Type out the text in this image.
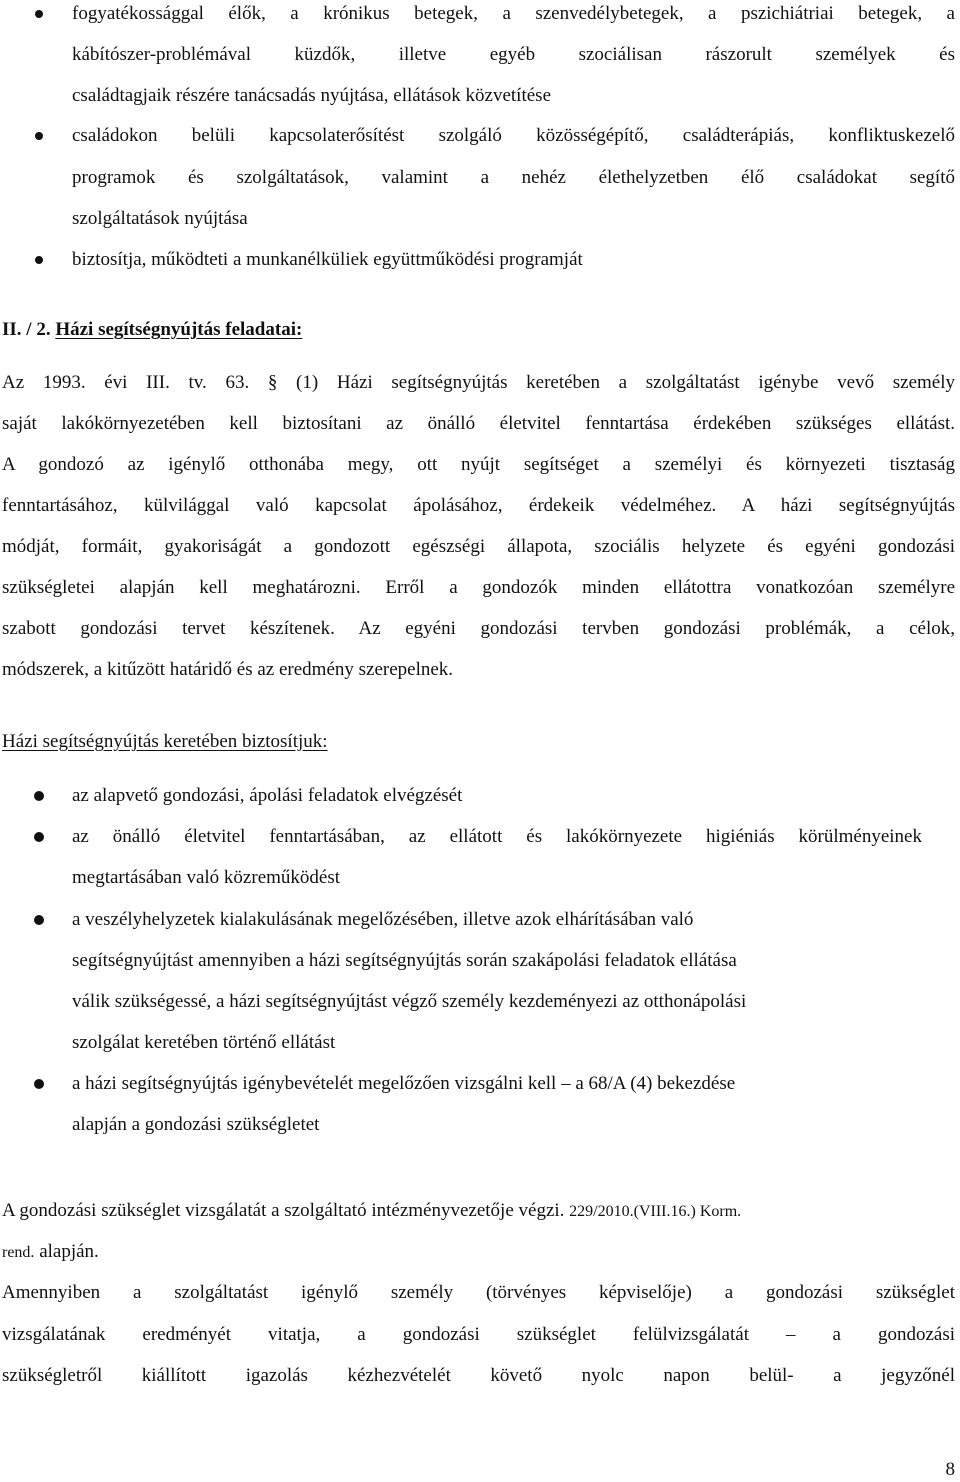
fogyatékossággal élők, a krónikus betegek, a szenvedélybetegek, a pszichiátriai betegek, a
kábítószer-problémával küzdők, illetve egyéb szociálisan rászorult személyek és
családtagjaik részére tanácsadás nyújtása, ellátások közvetítése
családokon belüli kapcsolaterősítést szolgáló közösségépítő, családterápiás, konfliktuskezelő
programok és szolgáltatások, valamint a nehéz élethelyzetben élő családokat segítő
szolgáltatások nyújtása
biztosítja, működteti a munkanélküliek együttműködési programját
II. / 2. Házi segítségnyújtás feladatai:
Az 1993. évi III. tv. 63. § (1) Házi segítségnyújtás keretében a szolgáltatást igénybe vevő személy
saját lakókörnyezetében kell biztosítani az önálló életvitel fenntartása érdekében szükséges ellátást.
A gondozó az igénylő otthonába megy, ott nyújt segítséget a személyi és környezeti tisztaság
fenntartásához, külvilággal való kapcsolat ápolásához, érdekeik védelméhez. A házi segítségnyújtás
módját, formáit, gyakoriságát a gondozott egészségi állapota, szociális helyzete és egyéni gondozási
szükségletei alapján kell meghatározni. Erről a gondozók minden ellátottra vonatkozóan személyre
szabott gondozási tervet készítenek. Az egyéni gondozási tervben gondozási problémák, a célok,
módszerek, a kitűzött határidő és az eredmény szerepelnek.
Házi segítségnyújtás keretében biztosítjuk:
az alapvető gondozási, ápolási feladatok elvégzését
az önálló életvitel fenntartásában, az ellátott és lakókörnyezete higiéniás körülményeinek
megtartásában való közreműködést
a veszélyhelyzetek kialakulásának megelőzésében, illetve azok elhárításában való
segítségnyújtást amennyiben a házi segítségnyújtás során szakápolási feladatok ellátása
válik szükségessé, a házi segítségnyújtást végző személy kezdeményezi az otthonápolási
szolgálat keretében történő ellátást
a házi segítségnyújtás igénybevételét megelőzően vizsgálni kell – a 68/A (4) bekezdése
alapján a gondozási szükségletet
A gondozási szükséglet vizsgálatát a szolgáltató intézményvezetője végzi. 229/2010.(VIII.16.) Korm.
rend. alapján.
Amennyiben a szolgáltatást igénylő személy (törvényes képviselője) a gondozási szükséglet
vizsgálatának eredményét vitatja, a gondozási szükséglet felülvizsgálatát – a gondozási
szükségletről kiállított igazolás kézhezvételét követő nyolc napon belül- a jegyzőnél
8
